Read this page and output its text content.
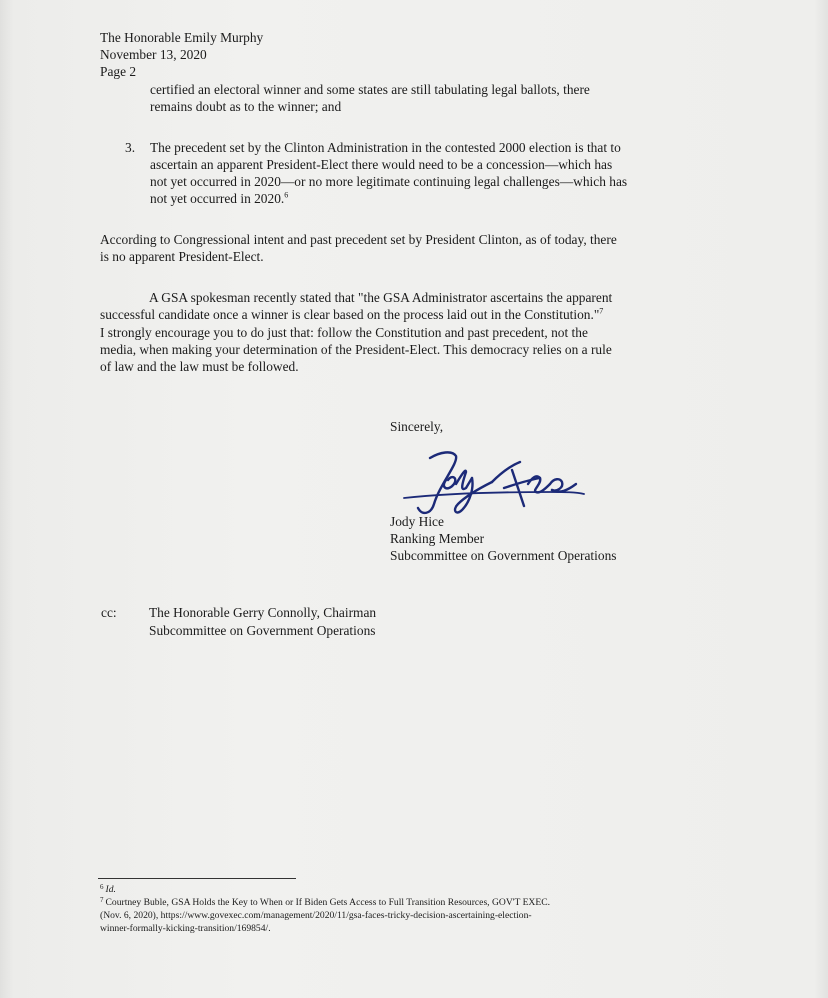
The Honorable Emily Murphy
November 13, 2020
Page 2
certified an electoral winner and some states are still tabulating legal ballots, there
remains doubt as to the winner; and
3. The precedent set by the Clinton Administration in the contested 2000 election is that to
ascertain an apparent President-Elect there would need to be a concession—which has
not yet occurred in 2020—or no more legitimate continuing legal challenges—which has
not yet occurred in 2020.$^6$
According to Congressional intent and past precedent set by President Clinton, as of today, there
is no apparent President-Elect.
A GSA spokesman recently stated that "the GSA Administrator ascertains the apparent
successful candidate once a winner is clear based on the process laid out in the Constitution."$^7$
I strongly encourage you to do just that: follow the Constitution and past precedent, not the
media, when making your determination of the President-Elect. This democracy relies on a rule
of law and the law must be followed.
Sincerely,
Jody Hice
Ranking Member
Subcommittee on Government Operations
cc: The Honorable Gerry Connolly, Chairman
Subcommittee on Government Operations
$^6$ Id.
$^7$ Courtney Buble, GSA Holds the Key to When or If Biden Gets Access to Full Transition Resources, GOV'T EXEC.
(Nov. 6, 2020), https://www.govexec.com/management/2020/11/gsa-faces-tricky-decision-ascertaining-election-
winner-formally-kicking-transition/169854/.
